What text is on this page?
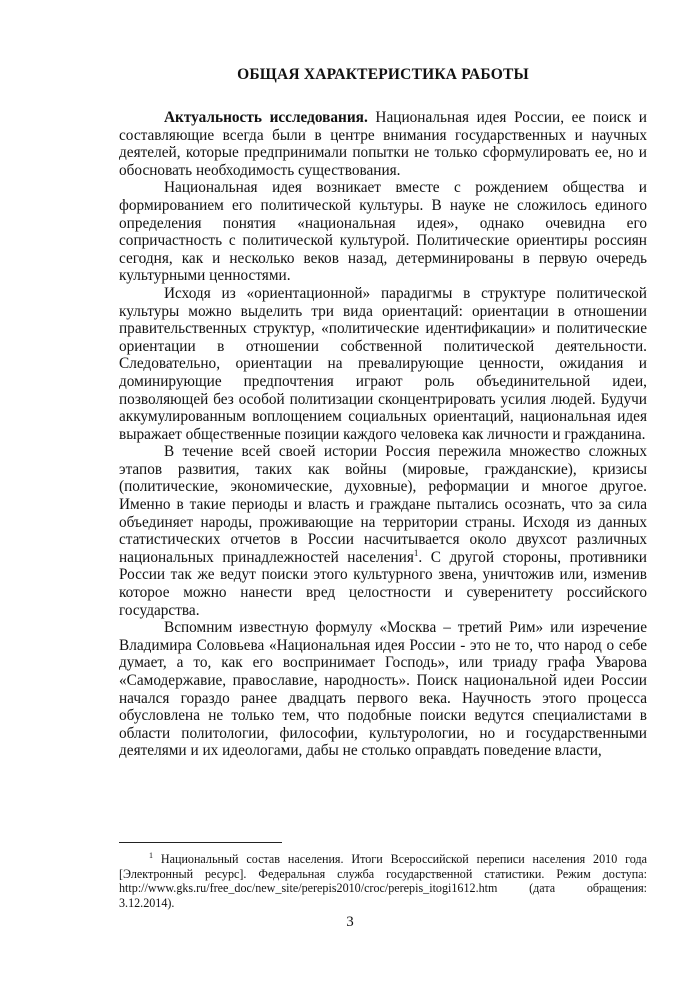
ОБЩАЯ ХАРАКТЕРИСТИКА РАБОТЫ

Актуальность исследования. Национальная идея России, ее поиск и составляющие всегда были в центре внимания государственных и научных деятелей, которые предпринимали попытки не только сформулировать ее, но и обосновать необходимость существования.

Национальная идея возникает вместе с рождением общества и формированием его политической культуры. В науке не сложилось единого определения понятия «национальная идея», однако очевидна его сопричастность с политической культурой. Политические ориентиры россиян сегодня, как и несколько веков назад, детерминированы в первую очередь культурными ценностями.

Исходя из «ориентационной» парадигмы в структуре политической культуры можно выделить три вида ориентаций: ориентации в отношении правительственных структур, «политические идентификации» и политические ориентации в отношении собственной политической деятельности. Следовательно, ориентации на превалирующие ценности, ожидания и доминирующие предпочтения играют роль объединительной идеи, позволяющей без особой политизации сконцентрировать усилия людей. Будучи аккумулированным воплощением социальных ориентаций, национальная идея выражает общественные позиции каждого человека как личности и гражданина.

В течение всей своей истории Россия пережила множество сложных этапов развития, таких как войны (мировые, гражданские), кризисы (политические, экономические, духовные), реформации и многое другое. Именно в такие периоды и власть и граждане пытались осознать, что за сила объединяет народы, проживающие на территории страны. Исходя из данных статистических отчетов в России насчитывается около двухсот различных национальных принадлежностей населения$^1$. С другой стороны, противники России так же ведут поиски этого культурного звена, уничтожив или, изменив которое можно нанести вред целостности и суверенитету российского государства.

Вспомним известную формулу «Москва – третий Рим» или изречение Владимира Соловьева «Национальная идея России - это не то, что народ о себе думает, а то, как его воспринимает Господь», или триаду графа Уварова «Самодержавие, православие, народность». Поиск национальной идеи России начался гораздо ранее двадцать первого века. Научность этого процесса обусловлена не только тем, что подобные поиски ведутся специалистами в области политологии, философии, культурологии, но и государственными деятелями и их идеологами, дабы не столько оправдать поведение власти,

$^1$ Национальный состав населения. Итоги Всероссийской переписи населения 2010 года [Электронный ресурс]. Федеральная служба государственной статистики. Режим доступа: http://www.gks.ru/free_doc/new_site/perepis2010/croc/perepis_itogi1612.htm (дата обращения: 3.12.2014).

3
